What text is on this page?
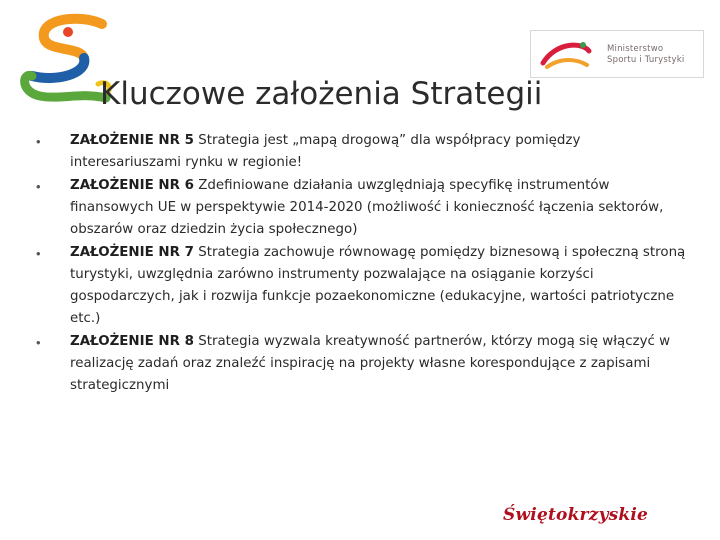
Ministerstwo
Sportu i Turystyki
Kluczowe założenia Strategii
• ZAŁOŻENIE NR 5 Strategia jest „mapą drogową” dla współpracy pomiędzy interesariuszami rynku w regionie!
• ZAŁOŻENIE NR 6 Zdefiniowane działania uwzględniają specyfikę instrumentów finansowych UE w perspektywie 2014-2020 (możliwość i konieczność łączenia sektorów, obszarów oraz dziedzin życia społecznego)
• ZAŁOŻENIE NR 7 Strategia zachowuje równowagę pomiędzy biznesową i społeczną stroną turystyki, uwzględnia zarówno instrumenty pozwalające na osiąganie korzyści gospodarczych, jak i rozwija funkcje pozaekonomiczne (edukacyjne, wartości patriotyczne etc.)
• ZAŁOŻENIE NR 8 Strategia wyzwala kreatywność partnerów, którzy mogą się włączyć w realizację zadań oraz znaleźć inspirację na projekty własne korespondujące z zapisami strategicznymi
Świętokrzyskie
